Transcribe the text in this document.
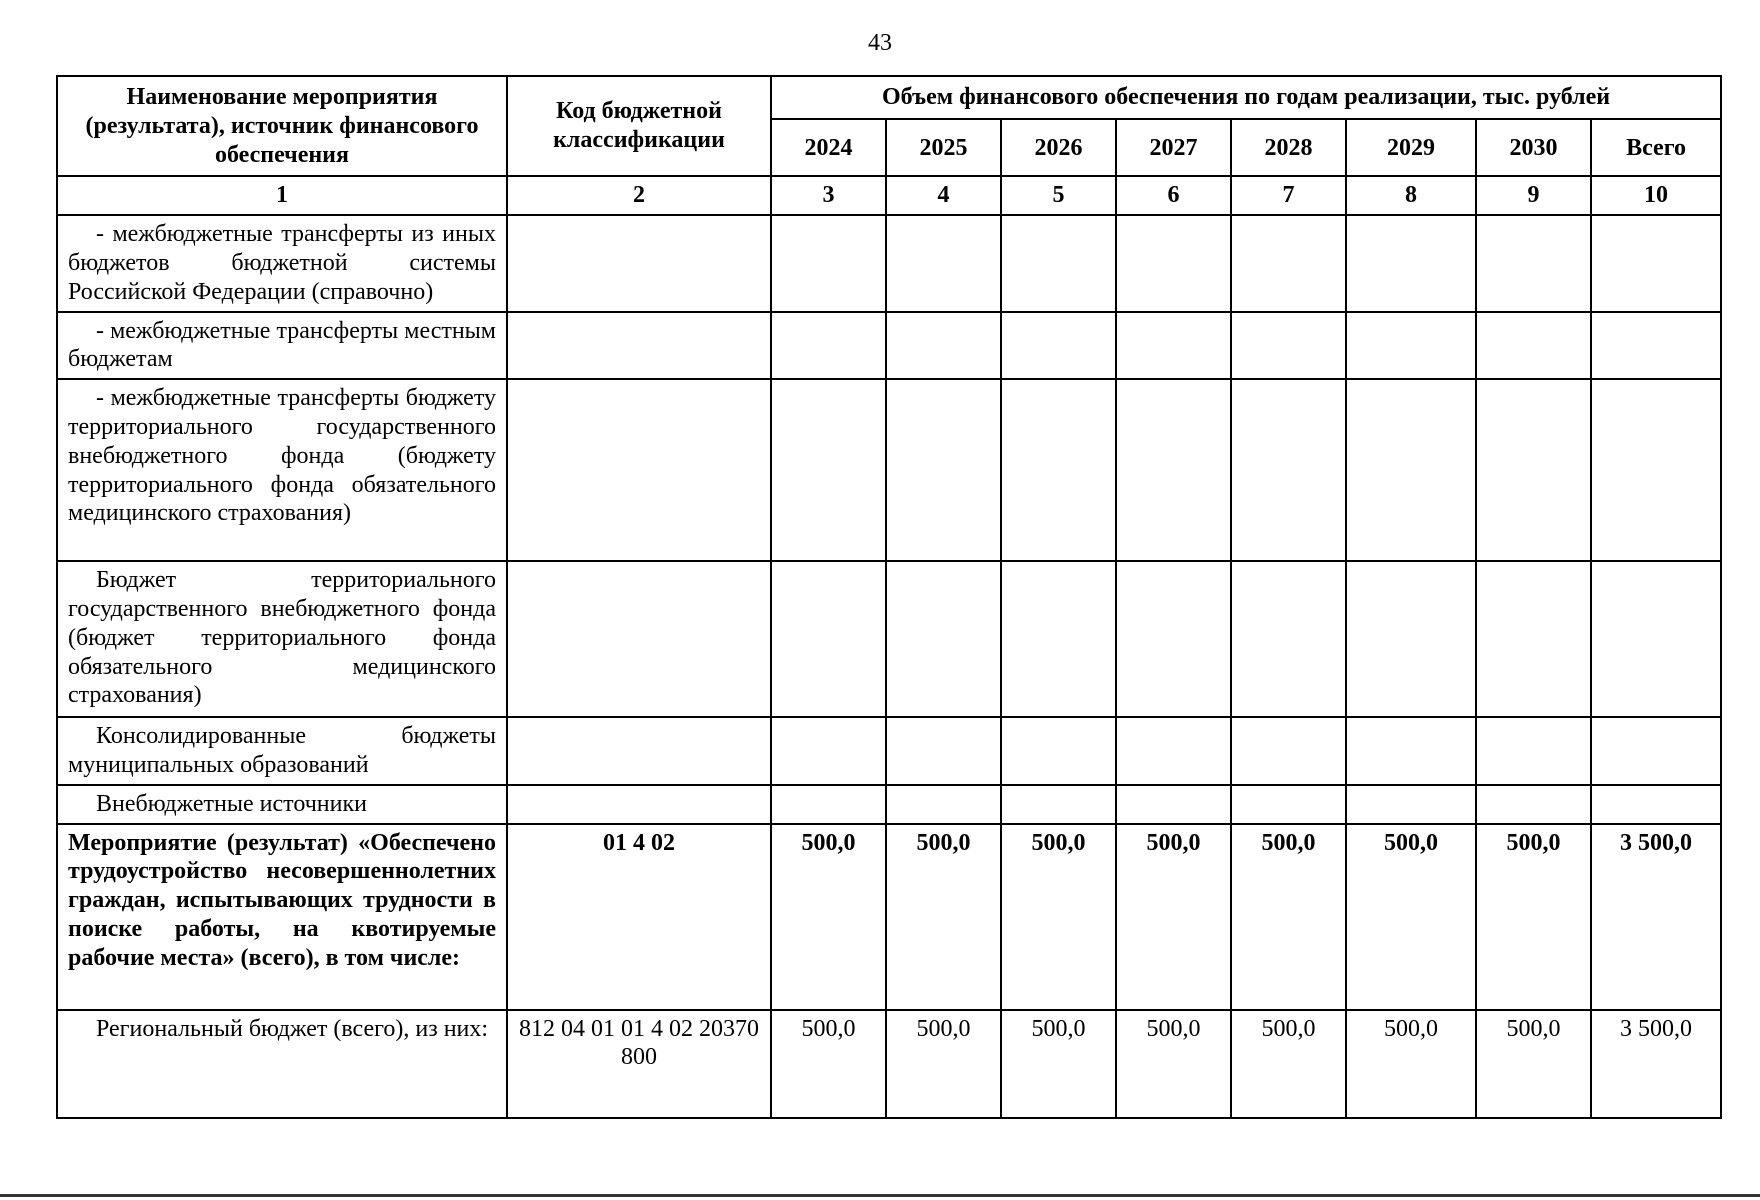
43
Наименование мероприятия (результата), источник финансового обеспечения	Код бюджетной классификации	Объем финансового обеспечения по годам реализации, тыс. рублей							
		2024	2025	2026	2027	2028	2029	2030	Всего
1	2	3	4	5	6	7	8	9	10
- межбюджетные трансферты из иных бюджетов бюджетной системы Российской Федерации (справочно)									
- межбюджетные трансферты местным бюджетам									
- межбюджетные трансферты бюджету территориального государственного внебюджетного фонда (бюджету территориального фонда обязательного медицинского страхования)									
Бюджет территориального государственного внебюджетного фонда (бюджет территориального фонда обязательного медицинского страхования)									
Консолидированные бюджеты муниципальных образований									
Внебюджетные источники									
Мероприятие (результат) «Обеспечено трудоустройство несовершеннолетних граждан, испытывающих трудности в поиске работы, на квотируемые рабочие места» (всего), в том числе:	01 4 02	500,0	500,0	500,0	500,0	500,0	500,0	500,0	3 500,0
Региональный бюджет (всего), из них:	812 04 01 01 4 02 20370 800	500,0	500,0	500,0	500,0	500,0	500,0	500,0	3 500,0
